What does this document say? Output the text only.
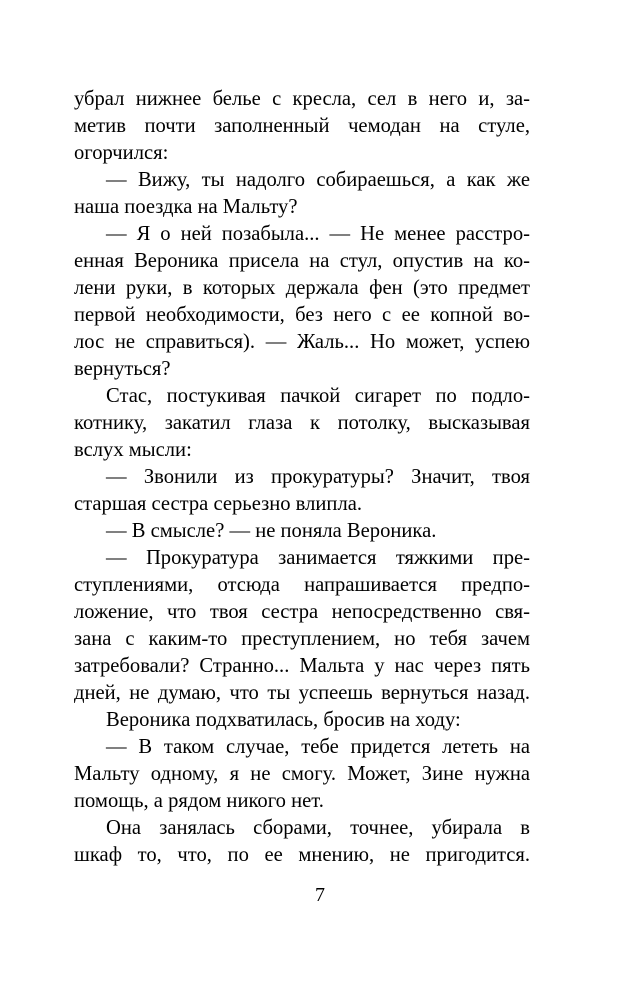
убрал нижнее белье с кресла, сел в него и, за-
метив почти заполненный чемодан на стуле,
огорчился:
— Вижу, ты надолго собираешься, а как же
наша поездка на Мальту?
— Я о ней позабыла... — Не менее расстро-
енная Вероника присела на стул, опустив на ко-
лени руки, в которых держала фен (это предмет
первой необходимости, без него с ее копной во-
лос не справиться). — Жаль... Но может, успею
вернуться?
Стас, постукивая пачкой сигарет по подло-
котнику, закатил глаза к потолку, высказывая
вслух мысли:
— Звонили из прокуратуры? Значит, твоя
старшая сестра серьезно влипла.
— В смысле? — не поняла Вероника.
— Прокуратура занимается тяжкими пре-
ступлениями, отсюда напрашивается предпо-
ложение, что твоя сестра непосредственно свя-
зана с каким-то преступлением, но тебя зачем
затребовали? Странно... Мальта у нас через пять
дней, не думаю, что ты успеешь вернуться назад.
Вероника подхватилась, бросив на ходу:
— В таком случае, тебе придется лететь на
Мальту одному, я не смогу. Может, Зине нужна
помощь, а рядом никого нет.
Она занялась сборами, точнее, убирала в
шкаф то, что, по ее мнению, не пригодится.
7
